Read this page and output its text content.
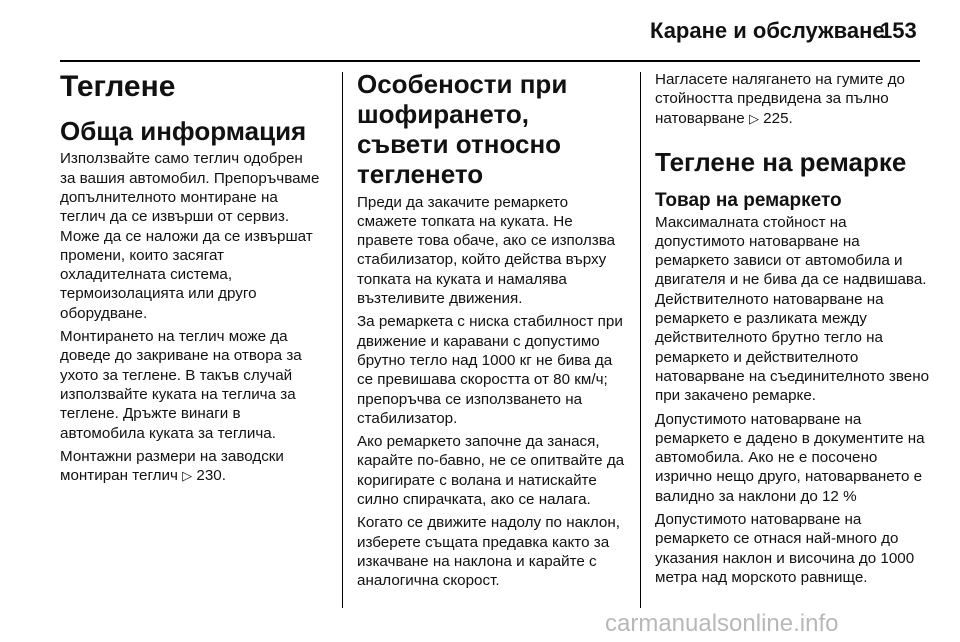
Каране и обслужване
153
Теглене
Обща информация

Използвайте само теглич одобрен за вашия автомобил. Препоръчваме допълнителното монтиране на теглич да се извърши от сервиз. Може да се наложи да се извършат промени, които засягат охладителната система, термоизолацията или друго оборудване.

Монтирането на теглич може да доведе до закриване на отвора за ухото за теглене. В такъв случай използвайте куката на теглича за теглене. Дръжте винаги в автомобила куката за теглича.

Монтажни размери на заводски монтиран теглич ▷ 230.

Особености при шофирането, съвети относно тегленето

Преди да закачите ремаркето смажете топката на куката. Не правете това обаче, ако се използва стабилизатор, който действа върху топката на куката и намалява възтеливите движения.

За ремаркета с ниска стабилност при движение и каравани с допустимо брутно тегло над 1000 кг не бива да се превишава скоростта от 80 км/ч; препоръчва се използването на стабилизатор.

Ако ремаркето започне да занася, карайте по-бавно, не се опитвайте да коригирате с волана и натискайте силно спирачката, ако се налага.

Когато се движите надолу по наклон, изберете същата предавка както за изкачване на наклона и карайте с аналогична скорост.

Нагласете налягането на гумите до стойността предвидена за пълно натоварване ▷ 225.

Теглене на ремарке
Товар на ремаркето

Максималната стойност на допустимото натоварване на ремаркето зависи от автомобила и двигателя и не бива да се надвишава. Действителното натоварване на ремаркето е разликата между действителното брутно тегло на ремаркето и действителното натоварване на съединителното звено при закачено ремарке.

Допустимото натоварване на ремаркето е дадено в документите на автомобила. Ако не е посочено изрично нещо друго, натоварването е валидно за наклони до 12 %

Допустимото натоварване на ремаркето се отнася най-много до указания наклон и височина до 1000 метра над морското равнище.

carmanualsonline.info
